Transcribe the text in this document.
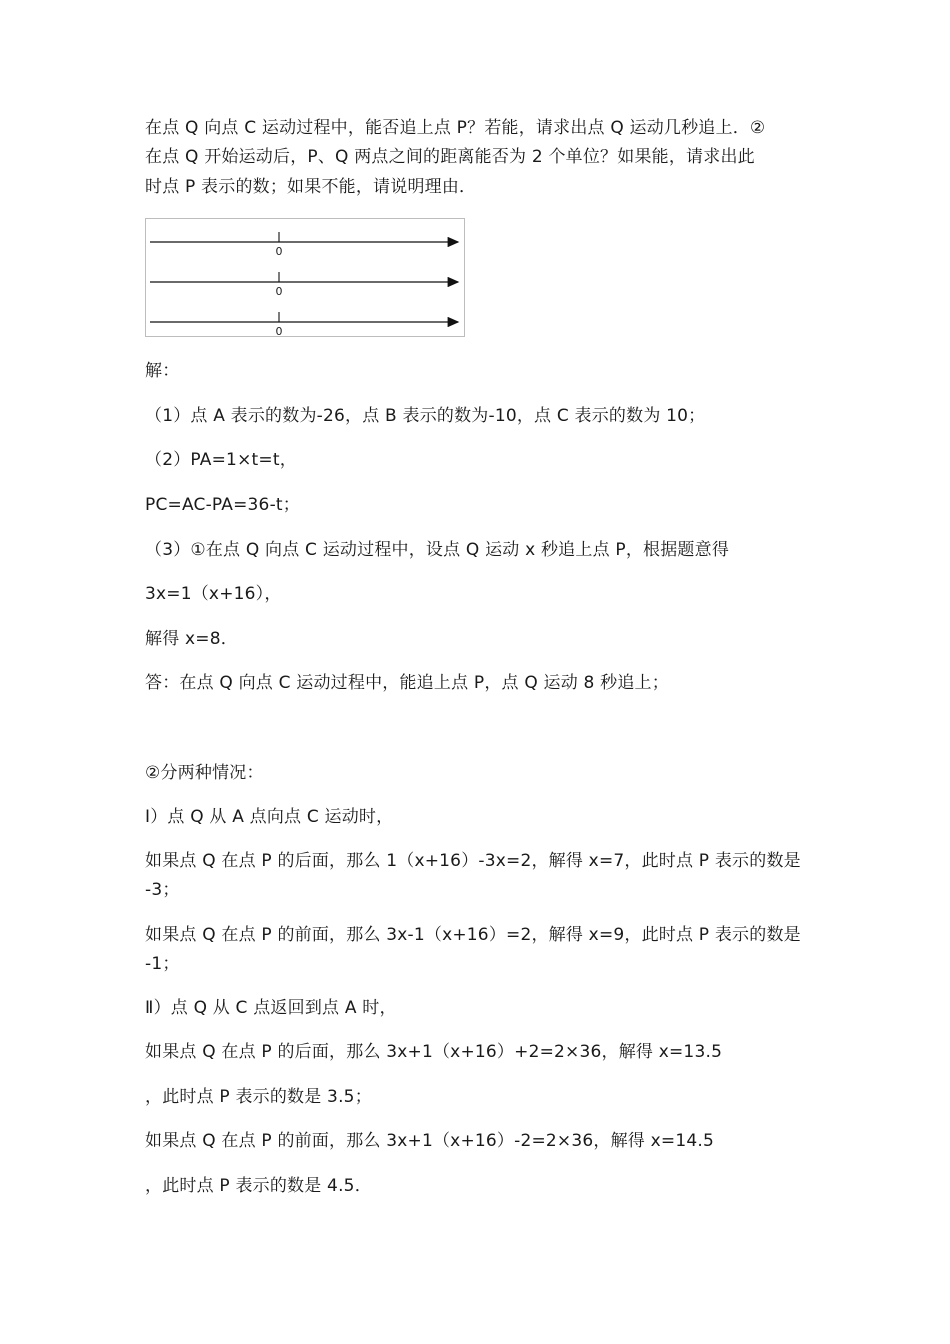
在点 Q 向点 C 运动过程中，能否追上点 P？若能，请求出点 Q 运动几秒追上．②
在点 Q 开始运动后，P、Q 两点之间的距离能否为 2 个单位？如果能，请求出此
时点 P 表示的数；如果不能，请说明理由．
0
0
0
解：
（1）点 A 表示的数为-26，点 B 表示的数为-10，点 C 表示的数为 10；
（2）PA=1×t=t，
PC=AC-PA=36-t；
（3）①在点 Q 向点 C 运动过程中，设点 Q 运动 x 秒追上点 P，根据题意得
3x=1（x+16），
解得 x=8．
答：在点 Q 向点 C 运动过程中，能追上点 P，点 Q 运动 8 秒追上；
②分两种情况：
Ⅰ）点 Q 从 A 点向点 C 运动时，
如果点 Q 在点 P 的后面，那么 1（x+16）-3x=2，解得 x=7，此时点 P 表示的数是
-3；
如果点 Q 在点 P 的前面，那么 3x-1（x+16）=2，解得 x=9，此时点 P 表示的数是
-1；
Ⅱ）点 Q 从 C 点返回到点 A 时，
如果点 Q 在点 P 的后面，那么 3x+1（x+16）+2=2×36，解得 x=13.5
，此时点 P 表示的数是 3.5；
如果点 Q 在点 P 的前面，那么 3x+1（x+16）-2=2×36，解得 x=14.5
，此时点 P 表示的数是 4.5．
